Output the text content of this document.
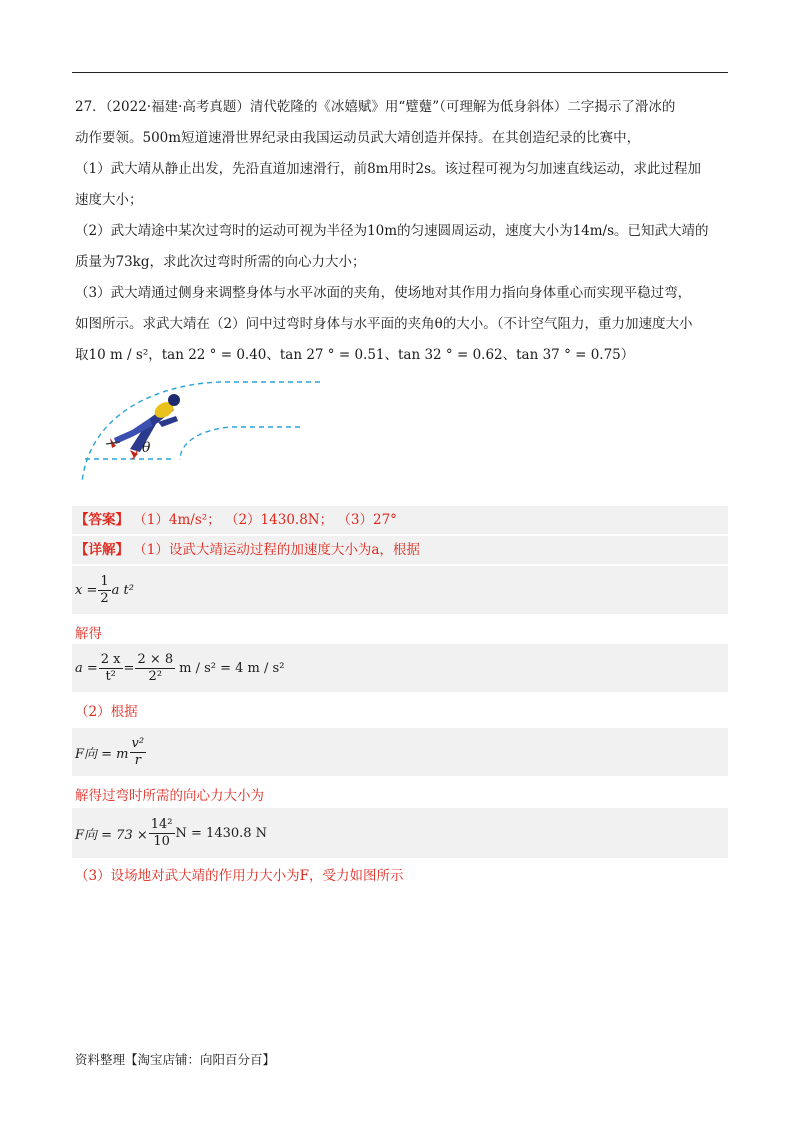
27．（2022·福建·高考真题）清代乾隆的《冰嬉赋》用“躄躠”（可理解为低身斜体）二字揭示了滑冰的

动作要领。500m短道速滑世界纪录由我国运动员武大靖创造并保持。在其创造纪录的比赛中，

（1）武大靖从静止出发，先沿直道加速滑行，前8m用时2s。该过程可视为匀加速直线运动，求此过程加

速度大小；

（2）武大靖途中某次过弯时的运动可视为半径为10m的匀速圆周运动，速度大小为14m/s。已知武大靖的

质量为73kg，求此次过弯时所需的向心力大小；

（3）武大靖通过侧身来调整身体与水平冰面的夹角，使场地对其作用力指向身体重心而实现平稳过弯，

如图所示。求武大靖在（2）问中过弯时身体与水平面的夹角θ的大小。（不计空气阻力，重力加速度大小

取10 m / s²，tan 22 ° = 0.40、tan 27 ° = 0.51、tan 32 ° = 0.62、tan 37 ° = 0.75）

θ
【答案】 （1）4m/s²； （2）1430.8N； （3）27°
【详解】 （1）设武大靖运动过程的加速度大小为a，根据
$x = \frac{1}{2}$ a t²
解得
$a = \frac{2 x}{\text{t²}} = \frac{2 \times 8}{\text{2²}}$ m / s² = 4 m / s²
（2）根据
F向 = m $\frac{\text{v²}}{r}$
解得过弯时所需的向心力大小为
F向 = $73 \times \frac{\text{14²}}{10}$ N = 1430.8 N
（3）设场地对武大靖的作用力大小为F，受力如图所示
资料整理【淘宝店铺：向阳百分百】
